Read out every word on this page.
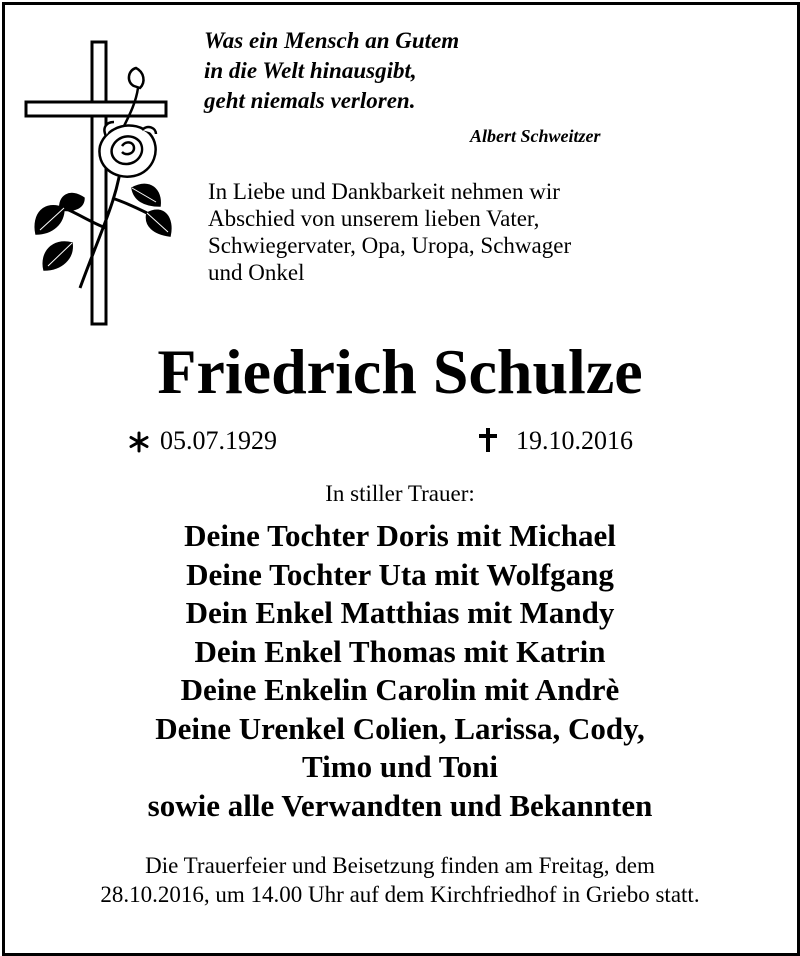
Was ein Mensch an Gutem
in die Welt hinausgibt,
geht niemals verloren.
Albert Schweitzer
In Liebe und Dankbarkeit nehmen wir
Abschied von unserem lieben Vater,
Schwiegervater, Opa, Uropa, Schwager
und Onkel
Friedrich Schulze
05.07.1929	19.10.2016
In stiller Trauer:
Deine Tochter Doris mit Michael
Deine Tochter Uta mit Wolfgang
Dein Enkel Matthias mit Mandy
Dein Enkel Thomas mit Katrin
Deine Enkelin Carolin mit Andrè
Deine Urenkel Colien, Larissa, Cody,
Timo und Toni
sowie alle Verwandten und Bekannten
Die Trauerfeier und Beisetzung finden am Freitag, dem
28.10.2016, um 14.00 Uhr auf dem Kirchfriedhof in Griebo statt.
